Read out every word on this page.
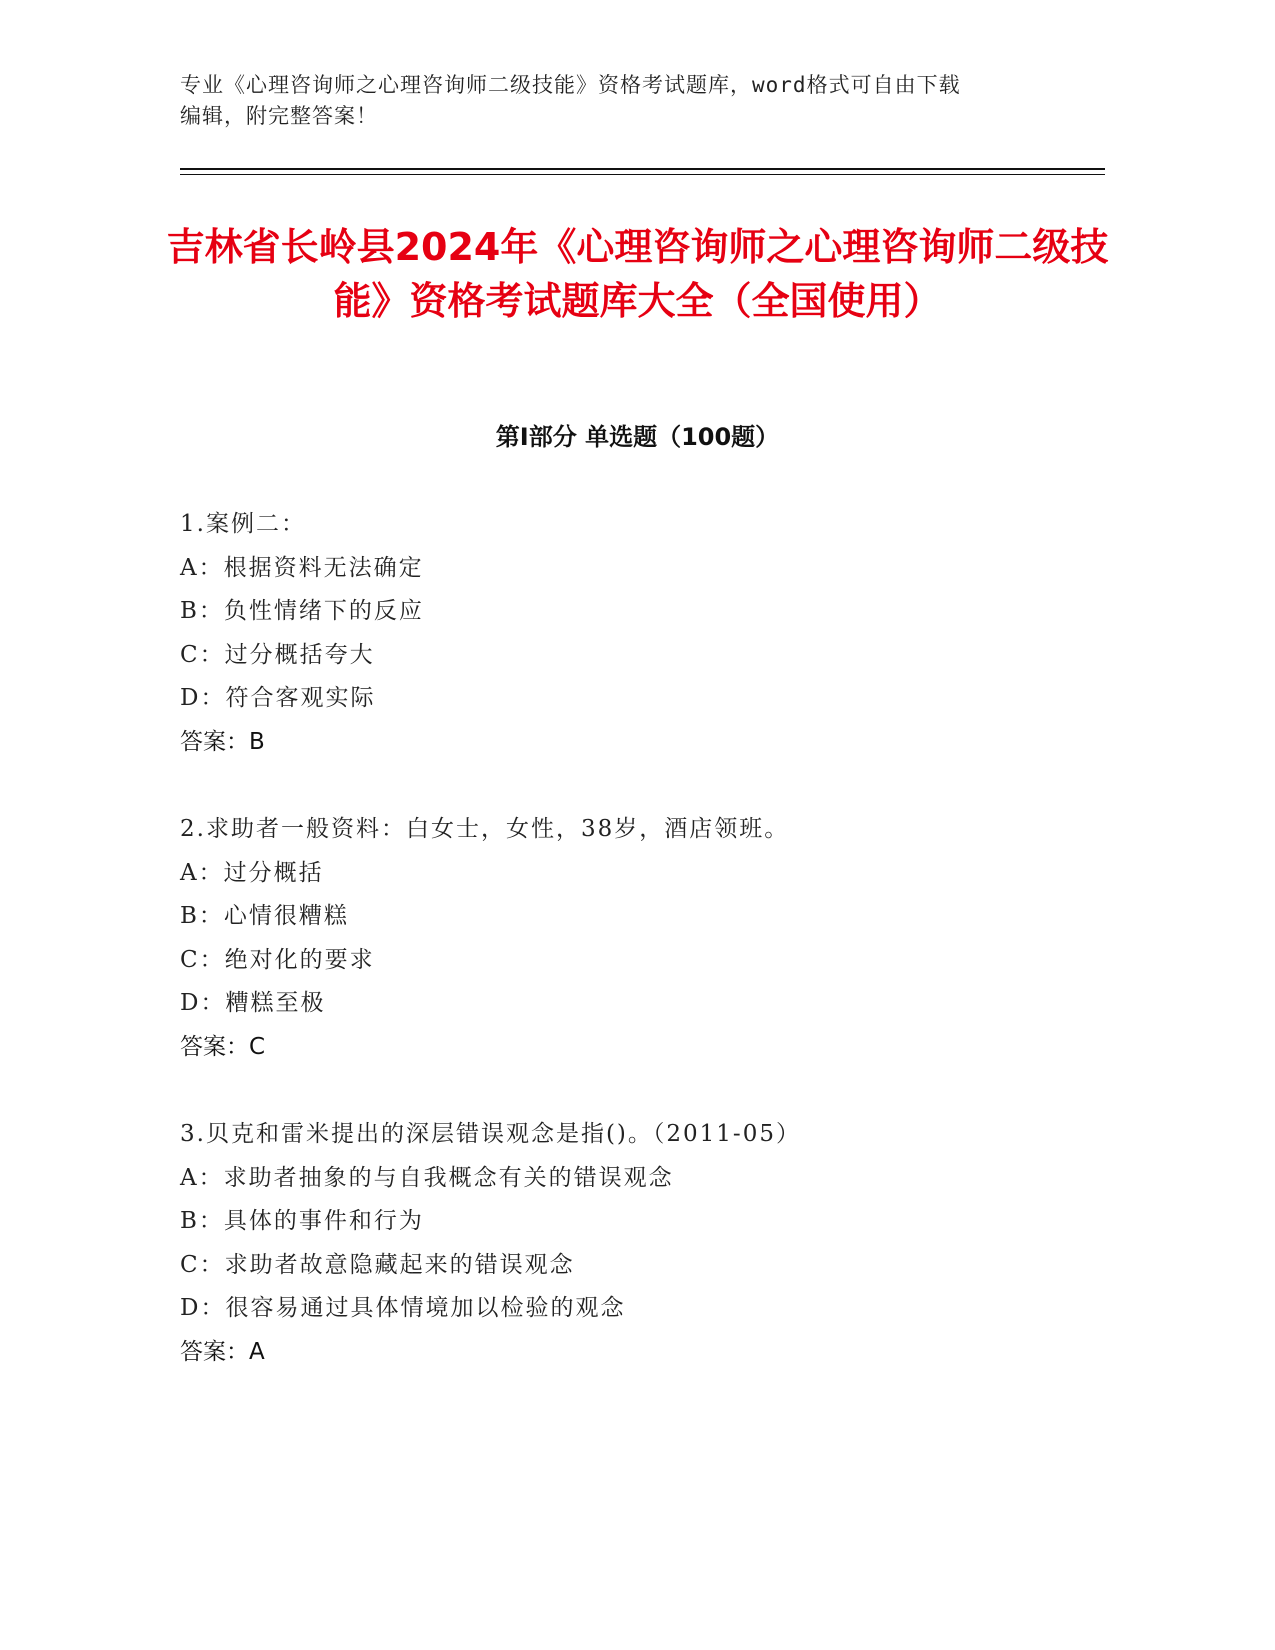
专业《心理咨询师之心理咨询师二级技能》资格考试题库，word格式可自由下载
编辑，附完整答案！
吉林省长岭县2024年《心理咨询师之心理咨询师二级技能》资格考试题库大全（全国使用）
第Ⅰ部分 单选题（100题）
1.案例二：
A：根据资料无法确定
B：负性情绪下的反应
C：过分概括夸大
D：符合客观实际
答案：B
2.求助者一般资料：白女士，女性，38岁，酒店领班。
A：过分概括
B：心情很糟糕
C：绝对化的要求
D：糟糕至极
答案：C
3.贝克和雷米提出的深层错误观念是指()。（2011-05）
A：求助者抽象的与自我概念有关的错误观念
B：具体的事件和行为
C：求助者故意隐藏起来的错误观念
D：很容易通过具体情境加以检验的观念
答案：A
